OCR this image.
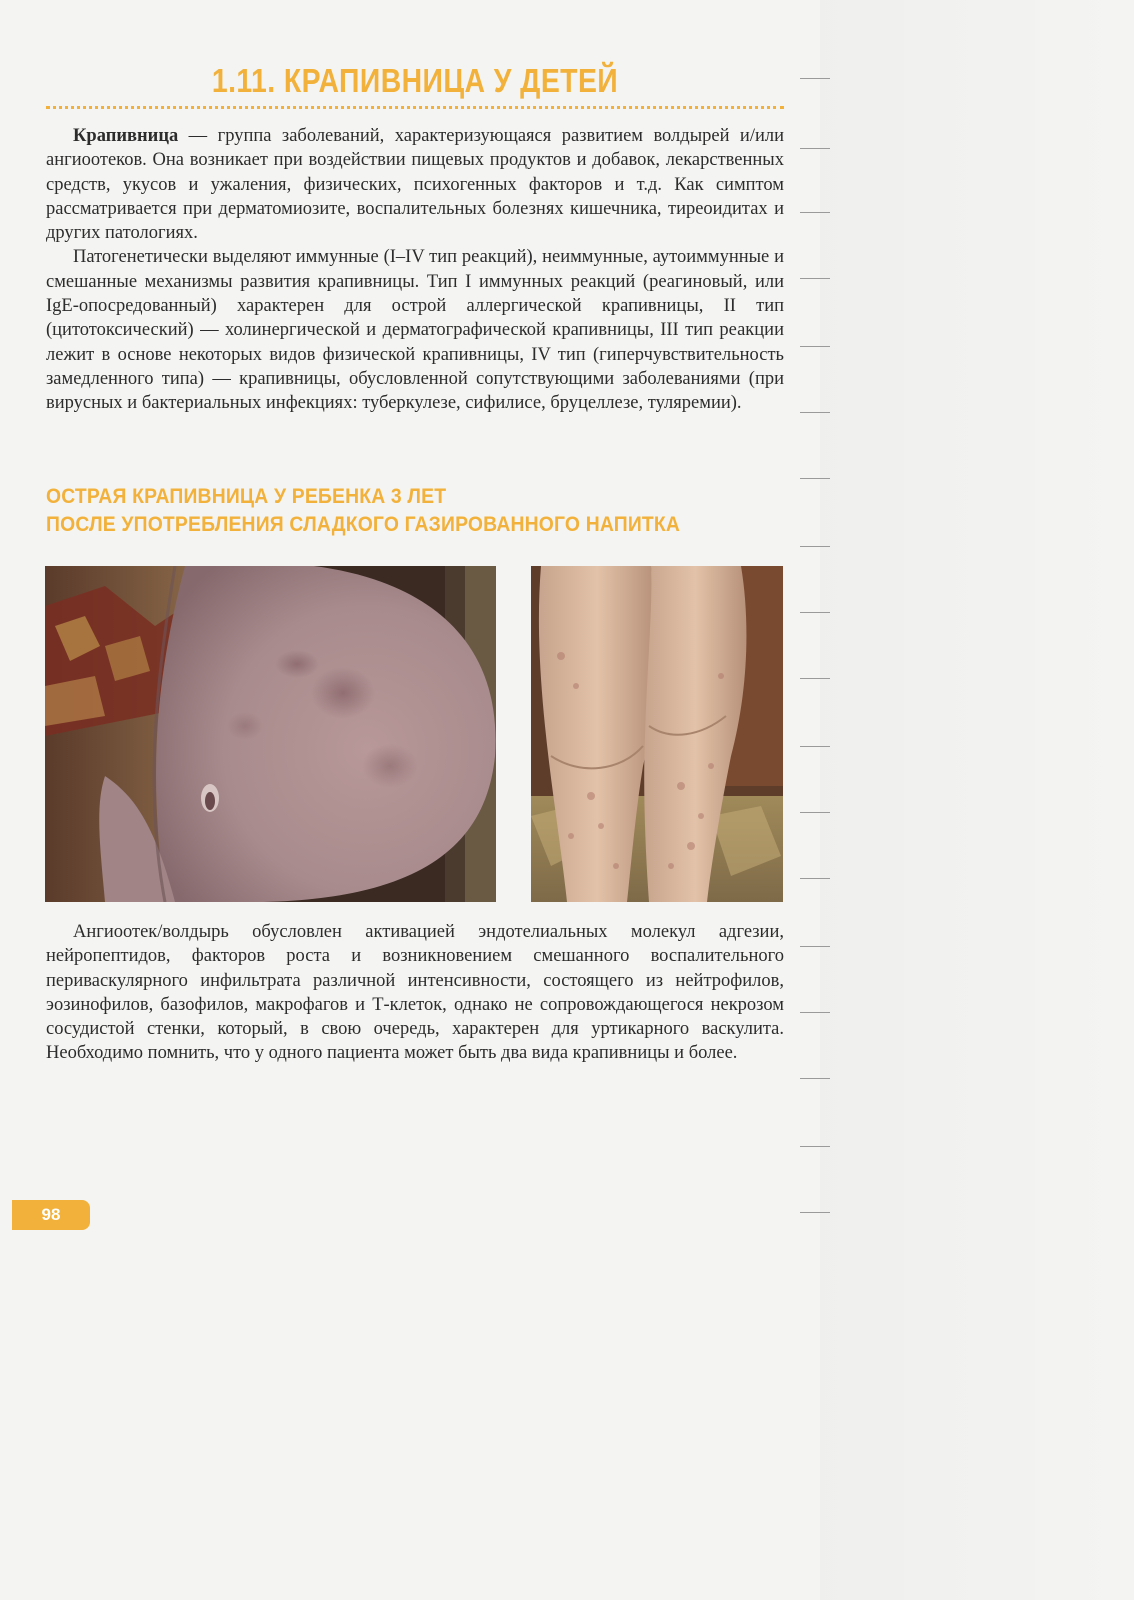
1.11. КРАПИВНИЦА У ДЕТЕЙ

Крапивница — группа заболеваний, характеризующаяся развитием волдырей и/или ангиоотеков. Она возникает при воздействии пищевых продуктов и добавок, лекарственных средств, укусов и ужаления, физических, психогенных факторов и т.д. Как симптом рассматривается при дерматомиозите, воспалительных болезнях кишечника, тиреоидитах и других патологиях.

Патогенетически выделяют иммунные (I–IV тип реакций), неиммунные, аутоиммунные и смешанные механизмы развития крапивницы. Тип I иммунных реакций (реагиновый, или IgE-опосредованный) характерен для острой аллергической крапивницы, II тип (цитотоксический) — холинергической и дерматографической крапивницы, III тип реакции лежит в основе некоторых видов физической крапивницы, IV тип (гиперчувствительность замедленного типа) — крапивницы, обусловленной сопутствующими заболеваниями (при вирусных и бактериальных инфекциях: туберкулезе, сифилисе, бруцеллезе, туляремии).

ОСТРАЯ КРАПИВНИЦА У РЕБЕНКА 3 ЛЕТ
ПОСЛЕ УПОТРЕБЛЕНИЯ СЛАДКОГО ГАЗИРОВАННОГО НАПИТКА

Ангиоотек/волдырь обусловлен активацией эндотелиальных молекул адгезии, нейропептидов, факторов роста и возникновением смешанного воспалительного периваскулярного инфильтрата различной интенсивности, состоящего из нейтрофилов, эозинофилов, базофилов, макрофагов и Т-клеток, однако не сопровождающегося некрозом сосудистой стенки, который, в свою очередь, характерен для уртикарного васкулита. Необходимо помнить, что у одного пациента может быть два вида крапивницы и более.

98
